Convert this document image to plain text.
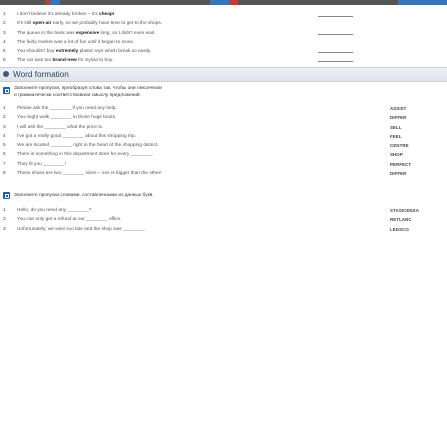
1	I don't believe it's already broken – it's cheap!
2	It's still open-air early, so we probably have time to get to the shops.
3	The queue in the bank was expensive long, so I didn't even wait.
4	The fairly market was a lot of fun until it began to snow.
5	You shouldn't buy extremely plastic toys which break so easily.
6	The car was too brand-new for Sylvia to buy.
Word formation
Заполните пропуски, преобразуя слова так, чтобы они лексически
и грамматически соответствовали смыслу предложений.
1	Please ask the ________ if you need any help.	ASSIST
2	You might walk ________ in those huge boots.	DIFFER
3	I will ask the ________ what the price is.	SELL
4	I've got a really good ________ about this shopping trip.	FEEL
5	We are located ________ right in the heart of the shopping district.	CENTRE
6	There is something in this department store for every ________.	SHOP
7	They fit you ________!	PERFECT
8	These shoes are two ________ sizes – one is bigger than the other!	DIFFER
Заполните пропуски словами, составленными из данных букв.
1	Hello, do you need any ________?	STASICENSA
2	You can only get a refund at our ________ office.	RETLANC
3	Unfortunately, we were too late and the shop was ________.	LEDSCO
